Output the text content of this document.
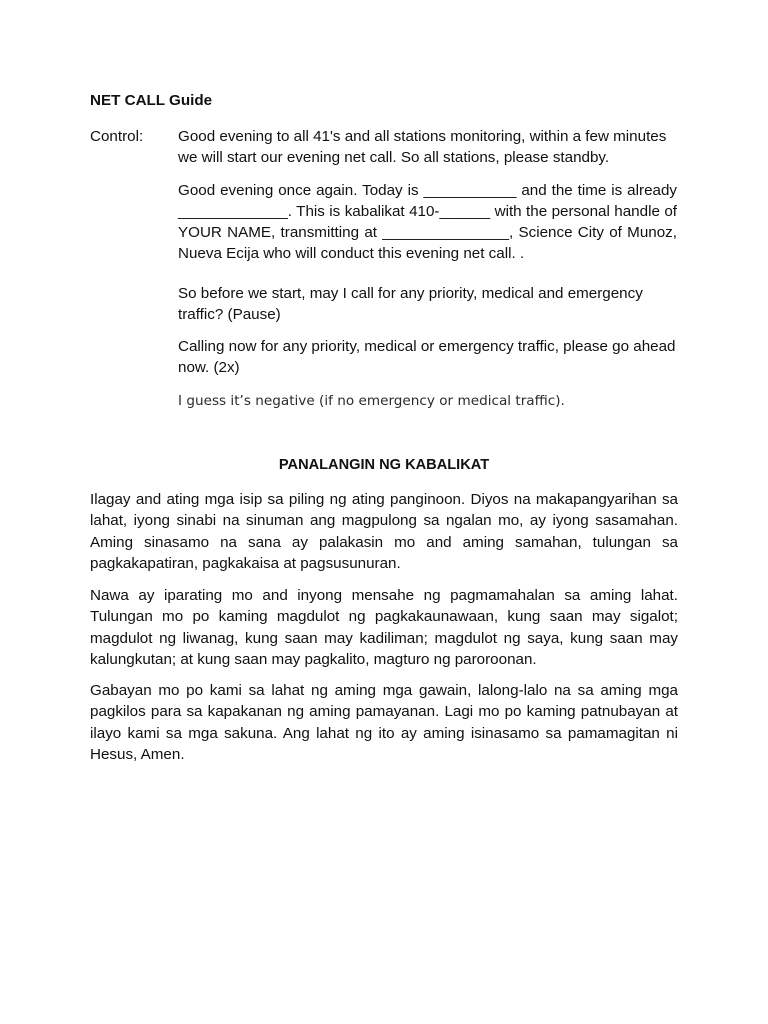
NET CALL Guide

Control: Good evening to all 41's and all stations monitoring, within a few minutes we will start our evening net call. So all stations, please standby.

Good evening once again. Today is ___________ and the time is already _____________. This is kabalikat 410-______ with the personal handle of YOUR NAME, transmitting at _______________, Science City of Munoz, Nueva Ecija who will conduct this evening net call. .

So before we start, may I call for any priority, medical and emergency traffic? (Pause)

Calling now for any priority, medical or emergency traffic, please go ahead now. (2x)

I guess it’s negative (if no emergency or medical traffic).

PANALANGIN NG KABALIKAT

Ilagay and ating mga isip sa piling ng ating panginoon. Diyos na makapangyarihan sa lahat, iyong sinabi na sinuman ang magpulong sa ngalan mo, ay iyong sasamahan. Aming sinasamo na sana ay palakasin mo and aming samahan, tulungan sa pagkakapatiran, pagkakaisa at pagsusunuran.

Nawa ay iparating mo and inyong mensahe ng pagmamahalan sa aming lahat. Tulungan mo po kaming magdulot ng pagkakaunawaan, kung saan may sigalot; magdulot ng liwanag, kung saan may kadiliman; magdulot ng saya, kung saan may kalungkutan; at kung saan may pagkalito, magturo ng paroroonan.

Gabayan mo po kami sa lahat ng aming mga gawain, lalong-lalo na sa aming mga pagkilos para sa kapakanan ng aming pamayanan. Lagi mo po kaming patnubayan at ilayo kami sa mga sakuna. Ang lahat ng ito ay aming isinasamo sa pamamagitan ni Hesus, Amen.
